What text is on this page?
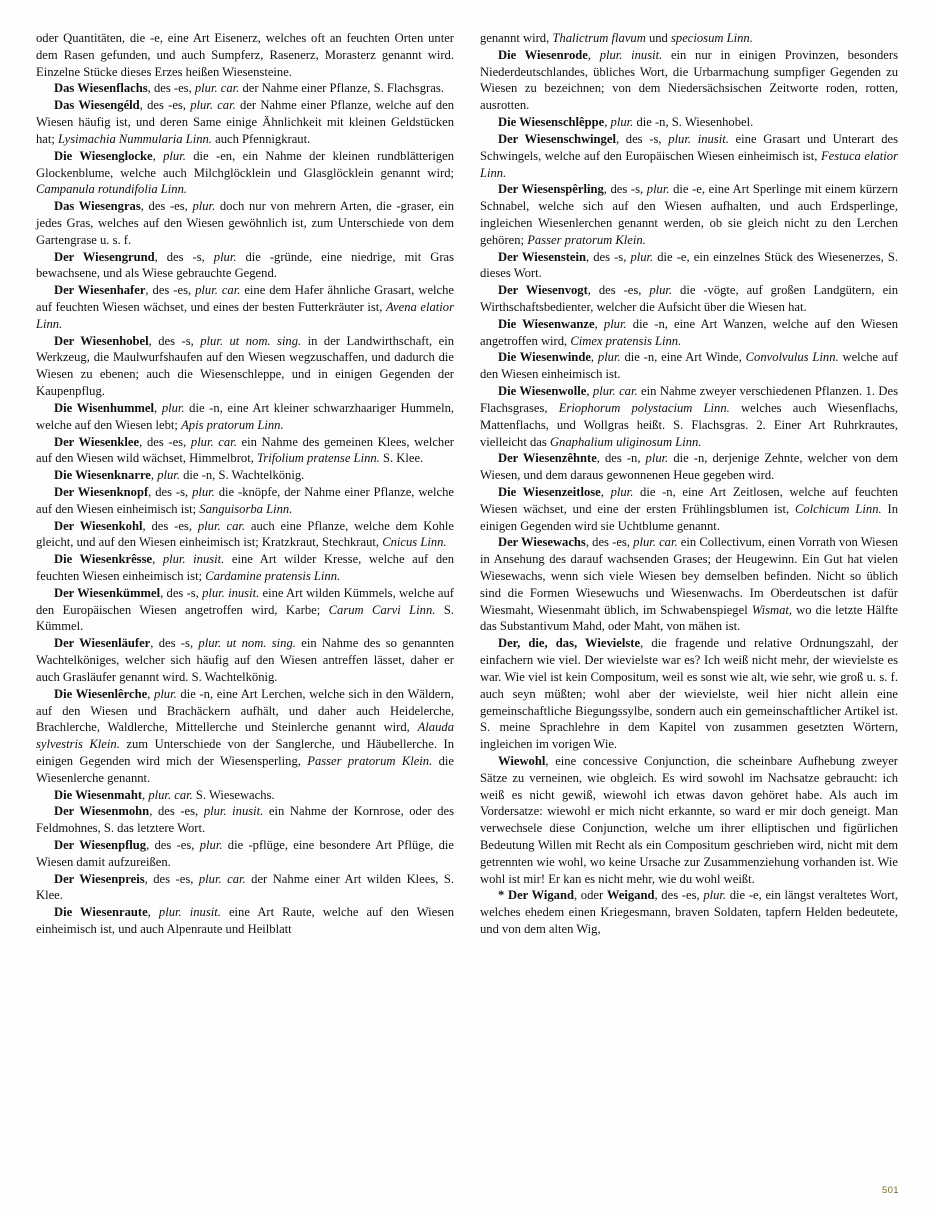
oder Quantitäten, die -e, eine Art Eisenerz, welches oft an feuchten Orten unter dem Rasen gefunden, und auch Sumpferz, Rasenerz, Morasterz genannt wird. Einzelne Stücke dieses Erzes heißen Wiesensteine.

Das Wiesenflachs, des -es, plur. car. der Nahme einer Pflanze, S. Flachsgras.

Das Wiesengéld, des -es, plur. car. der Nahme einer Pflanze, welche auf den Wiesen häufig ist, und deren Same einige Ähnlichkeit mit kleinen Geldstücken hat; Lysimachia Nummularia Linn. auch Pfennigkraut.

Die Wiesenglocke, plur. die -en, ein Nahme der kleinen rundblätterigen Glockenblume, welche auch Milchglöcklein und Glasglöcklein genannt wird; Campanula rotundifolia Linn.

Das Wiesengras, des -es, plur. doch nur von mehrern Arten, die -graser, ein jedes Gras, welches auf den Wiesen gewöhnlich ist, zum Unterschiede von dem Gartengrase u. s. f.

Der Wiesengrund, des -s, plur. die -gründe, eine niedrige, mit Gras bewachsene, und als Wiese gebrauchte Gegend.

Der Wiesenhafer, des -es, plur. car. eine dem Hafer ähnliche Grasart, welche auf feuchten Wiesen wächset, und eines der besten Futterkräuter ist, Avena elatior Linn.

Der Wiesenhobel, des -s, plur. ut nom. sing. in der Landwirthschaft, ein Werkzeug, die Maulwurfshaufen auf den Wiesen wegzuschaffen, und dadurch die Wiesen zu ebenen; auch die Wiesenschleppe, und in einigen Gegenden der Kaupenpflug.

Die Wisenhummel, plur. die -n, eine Art kleiner schwarzhaariger Hummeln, welche auf den Wiesen lebt; Apis pratorum Linn.

Der Wiesenklee, des -es, plur. car. ein Nahme des gemeinen Klees, welcher auf den Wiesen wild wächset, Himmelbrot, Trifolium pratense Linn. S. Klee.

Die Wiesenknarre, plur. die -n, S. Wachtelkönig.

Der Wiesenknopf, des -s, plur. die -knöpfe, der Nahme einer Pflanze, welche auf den Wiesen einheimisch ist; Sanguisorba Linn.

Der Wiesenkohl, des -es, plur. car. auch eine Pflanze, welche dem Kohle gleicht, und auf den Wiesen einheimisch ist; Kratzkraut, Stechkraut, Cnicus Linn.

Die Wiesenkrêsse, plur. inusit. eine Art wilder Kresse, welche auf den feuchten Wiesen einheimisch ist; Cardamine pratensis Linn.

Der Wiesenkümmel, des -s, plur. inusit. eine Art wilden Kümmels, welche auf den Europäischen Wiesen angetroffen wird, Karbe; Carum Carvi Linn. S. Kümmel.

Der Wiesenläufer, des -s, plur. ut nom. sing. ein Nahme des so genannten Wachtelköniges, welcher sich häufig auf den Wiesen antreffen lässet, daher er auch Grasläufer genannt wird. S. Wachtelkönig.

Die Wiesenlêrche, plur. die -n, eine Art Lerchen, welche sich in den Wäldern, auf den Wiesen und Brachäckern aufhält, und daher auch Heidelerche, Brachlerche, Waldlerche, Mittellerche und Steinlerche genannt wird, Alauda sylvestris Klein. zum Unterschiede von der Sanglerche, und Häubellerche. In einigen Gegenden wird mich der Wiesensperling, Passer pratorum Klein. die Wiesenlerche genannt.

Die Wiesenmaht, plur. car. S. Wiesewachs.

Der Wiesenmohn, des -es, plur. inusit. ein Nahme der Kornrose, oder des Feldmohnes, S. das letztere Wort.

Der Wiesenpflug, des -es, plur. die -pflüge, eine besondere Art Pflüge, die Wiesen damit aufzureißen.

Der Wiesenpreis, des -es, plur. car. der Nahme einer Art wilden Klees, S. Klee.

Die Wiesenraute, plur. inusit. eine Art Raute, welche auf den Wiesen einheimisch ist, und auch Alpenraute und Heilblatt

genannt wird, Thalictrum flavum und speciosum Linn.

Die Wiesenrode, plur. inusit. ein nur in einigen Provinzen, besonders Niederdeutschlandes, übliches Wort, die Urbarmachung sumpfiger Gegenden zu Wiesen zu bezeichnen; von dem Niedersächsischen Zeitworte roden, rotten, ausrotten.

Die Wiesenschlêppe, plur. die -n, S. Wiesenhobel.

Der Wiesenschwingel, des -s, plur. inusit. eine Grasart und Unterart des Schwingels, welche auf den Europäischen Wiesen einheimisch ist, Festuca elatior Linn.

Der Wiesenspêrling, des -s, plur. die -e, eine Art Sperlinge mit einem kürzern Schnabel, welche sich auf den Wiesen aufhalten, und auch Erdsperlinge, ingleichen Wiesenlerchen genannt werden, ob sie gleich nicht zu den Lerchen gehören; Passer pratorum Klein.

Der Wiesenstein, des -s, plur. die -e, ein einzelnes Stück des Wiesenerzes, S. dieses Wort.

Der Wiesenvogt, des -es, plur. die -vögte, auf großen Landgütern, ein Wirthschaftsbedienter, welcher die Aufsicht über die Wiesen hat.

Die Wiesenwanze, plur. die -n, eine Art Wanzen, welche auf den Wiesen angetroffen wird, Cimex pratensis Linn.

Die Wiesenwinde, plur. die -n, eine Art Winde, Convolvulus Linn. welche auf den Wiesen einheimisch ist.

Die Wiesenwolle, plur. car. ein Nahme zweyer verschiedenen Pflanzen. 1. Des Flachsgrases, Eriophorum polystacium Linn. welches auch Wiesenflachs, Mattenflachs, und Wollgras heißt. S. Flachsgras. 2. Einer Art Ruhrkrautes, vielleicht das Gnaphalium uliginosum Linn.

Der Wiesenzêhnte, des -n, plur. die -n, derjenige Zehnte, welcher von dem Wiesen, und dem daraus gewonnenen Heue gegeben wird.

Die Wiesenzeitlose, plur. die -n, eine Art Zeitlosen, welche auf feuchten Wiesen wächset, und eine der ersten Frühlingsblumen ist, Colchicum Linn. In einigen Gegenden wird sie Uchtblume genannt.

Der Wiesewachs, des -es, plur. car. ein Collectivum, einen Vorrath von Wiesen in Ansehung des darauf wachsenden Grases; der Heugewinn. Ein Gut hat vielen Wiesewachs, wenn sich viele Wiesen bey demselben befinden. Nicht so üblich sind die Formen Wiesewuchs und Wiesenwachs. Im Oberdeutschen ist dafür Wiesmaht, Wiesenmaht üblich, im Schwabenspiegel Wismat, wo die letzte Hälfte das Substantivum Mahd, oder Maht, von mähen ist.

Der, die, das, Wievielste, die fragende und relative Ordnungszahl, der einfachern wie viel. Der wievielste war es? Ich weiß nicht mehr, der wievielste es war. Wie viel ist kein Compositum, weil es sonst wie alt, wie sehr, wie groß u. s. f. auch seyn müßten; wohl aber der wievielste, weil hier nicht allein eine gemeinschaftliche Biegungssylbe, sondern auch ein gemeinschaftlicher Artikel ist. S. meine Sprachlehre in dem Kapitel von zusammen gesetzten Wörtern, ingleichen im vorigen Wie.

Wiewohl, eine concessive Conjunction, die scheinbare Aufhebung zweyer Sätze zu verneinen, wie obgleich. Es wird sowohl im Nachsatze gebraucht: ich weiß es nicht gewiß, wiewohl ich etwas davon gehöret habe. Als auch im Vordersatze: wiewohl er mich nicht erkannte, so ward er mir doch geneigt. Man verwechsele diese Conjunction, welche um ihrer elliptischen und figürlichen Bedeutung Willen mit Recht als ein Compositum geschrieben wird, nicht mit dem getrennten wie wohl, wo keine Ursache zur Zusammenziehung vorhanden ist. Wie wohl ist mir! Er kan es nicht mehr, wie du wohl weißt.

* Der Wigand, oder Weigand, des -es, plur. die -e, ein längst veraltetes Wort, welches ehedem einen Kriegesmann, braven Soldaten, tapfern Helden bedeutete, und von dem alten Wig,

501
